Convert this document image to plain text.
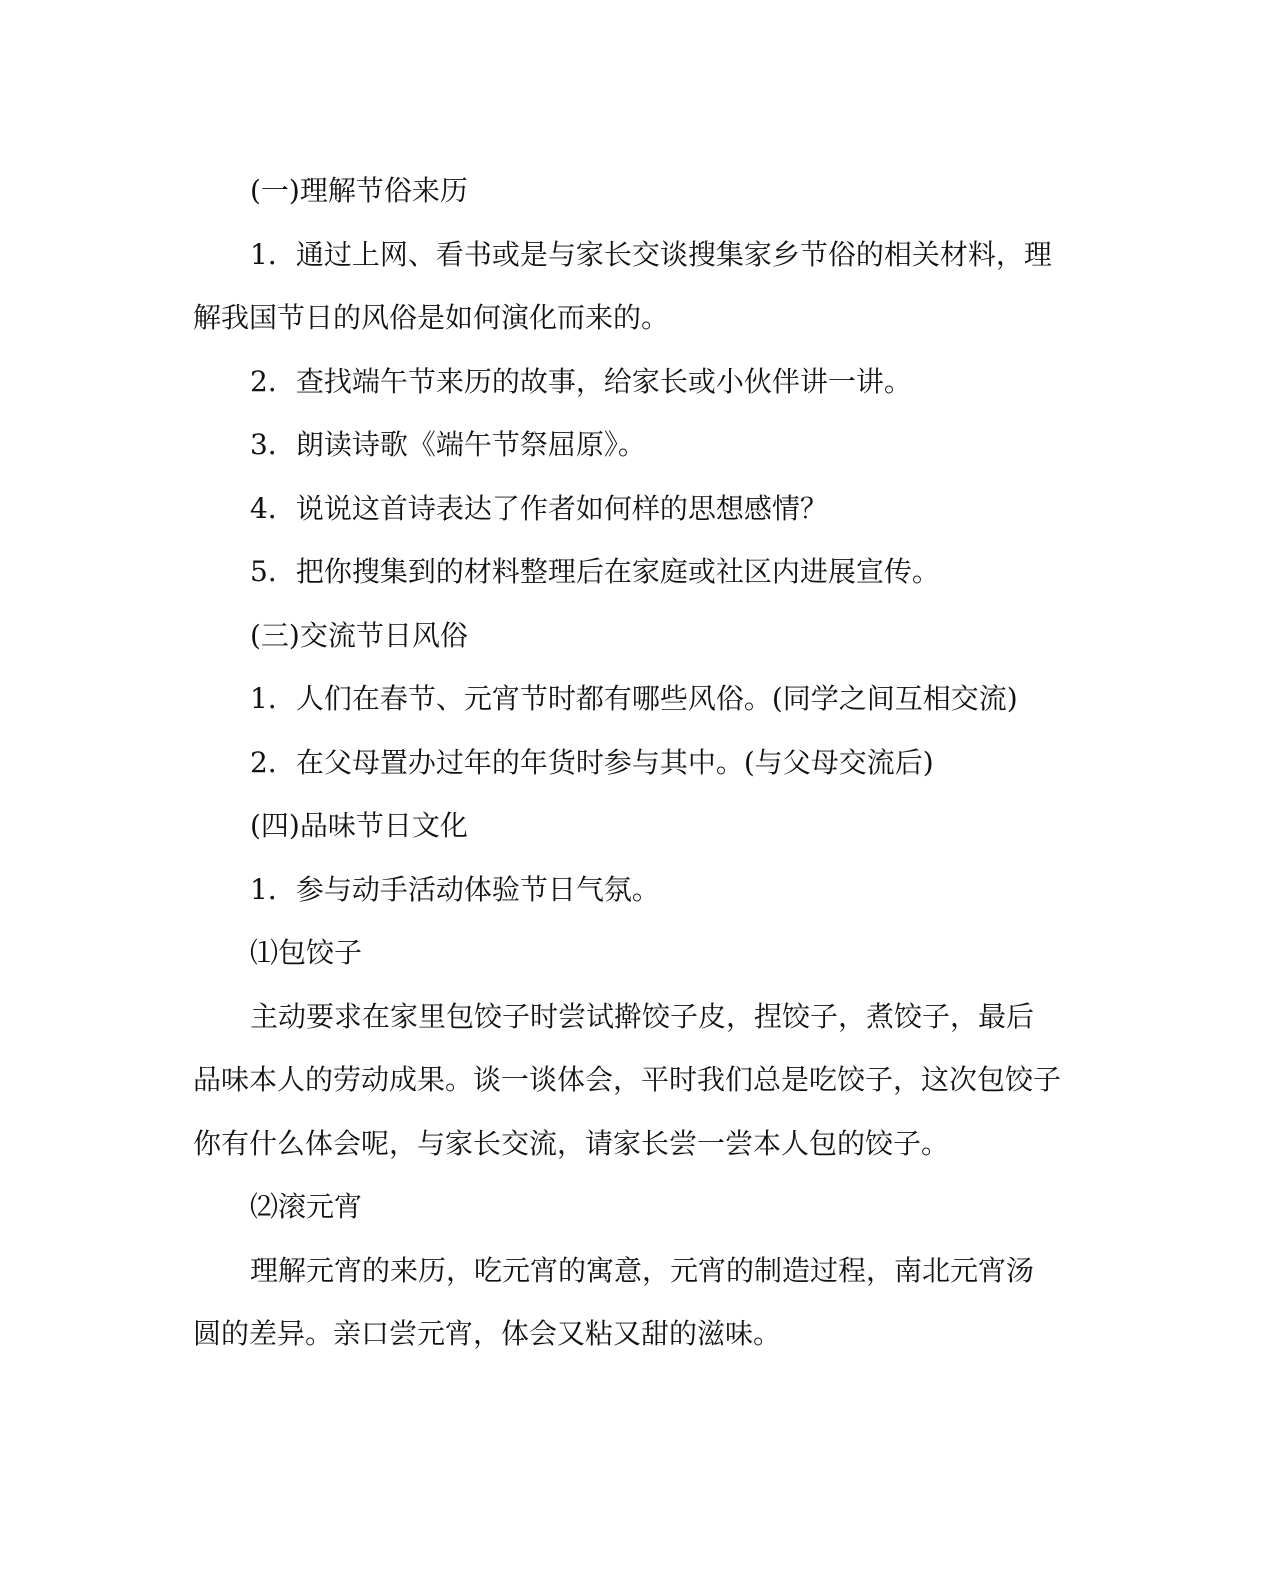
(一)理解节俗来历

1．通过上网、看书或是与家长交谈搜集家乡节俗的相关材料，理解我国节日的风俗是如何演化而来的。

2．查找端午节来历的故事，给家长或小伙伴讲一讲。

3．朗读诗歌《端午节祭屈原》。

4．说说这首诗表达了作者如何样的思想感情？

5．把你搜集到的材料整理后在家庭或社区内进展宣传。

(三)交流节日风俗

1．人们在春节、元宵节时都有哪些风俗。(同学之间互相交流)

2．在父母置办过年的年货时参与其中。(与父母交流后)

(四)品味节日文化

1．参与动手活动体验节日气氛。

⑴包饺子

主动要求在家里包饺子时尝试擀饺子皮，捏饺子，煮饺子，最后品味本人的劳动成果。谈一谈体会，平时我们总是吃饺子，这次包饺子你有什么体会呢，与家长交流，请家长尝一尝本人包的饺子。

⑵滚元宵

理解元宵的来历，吃元宵的寓意，元宵的制造过程，南北元宵汤圆的差异。亲口尝元宵，体会又粘又甜的滋味。
